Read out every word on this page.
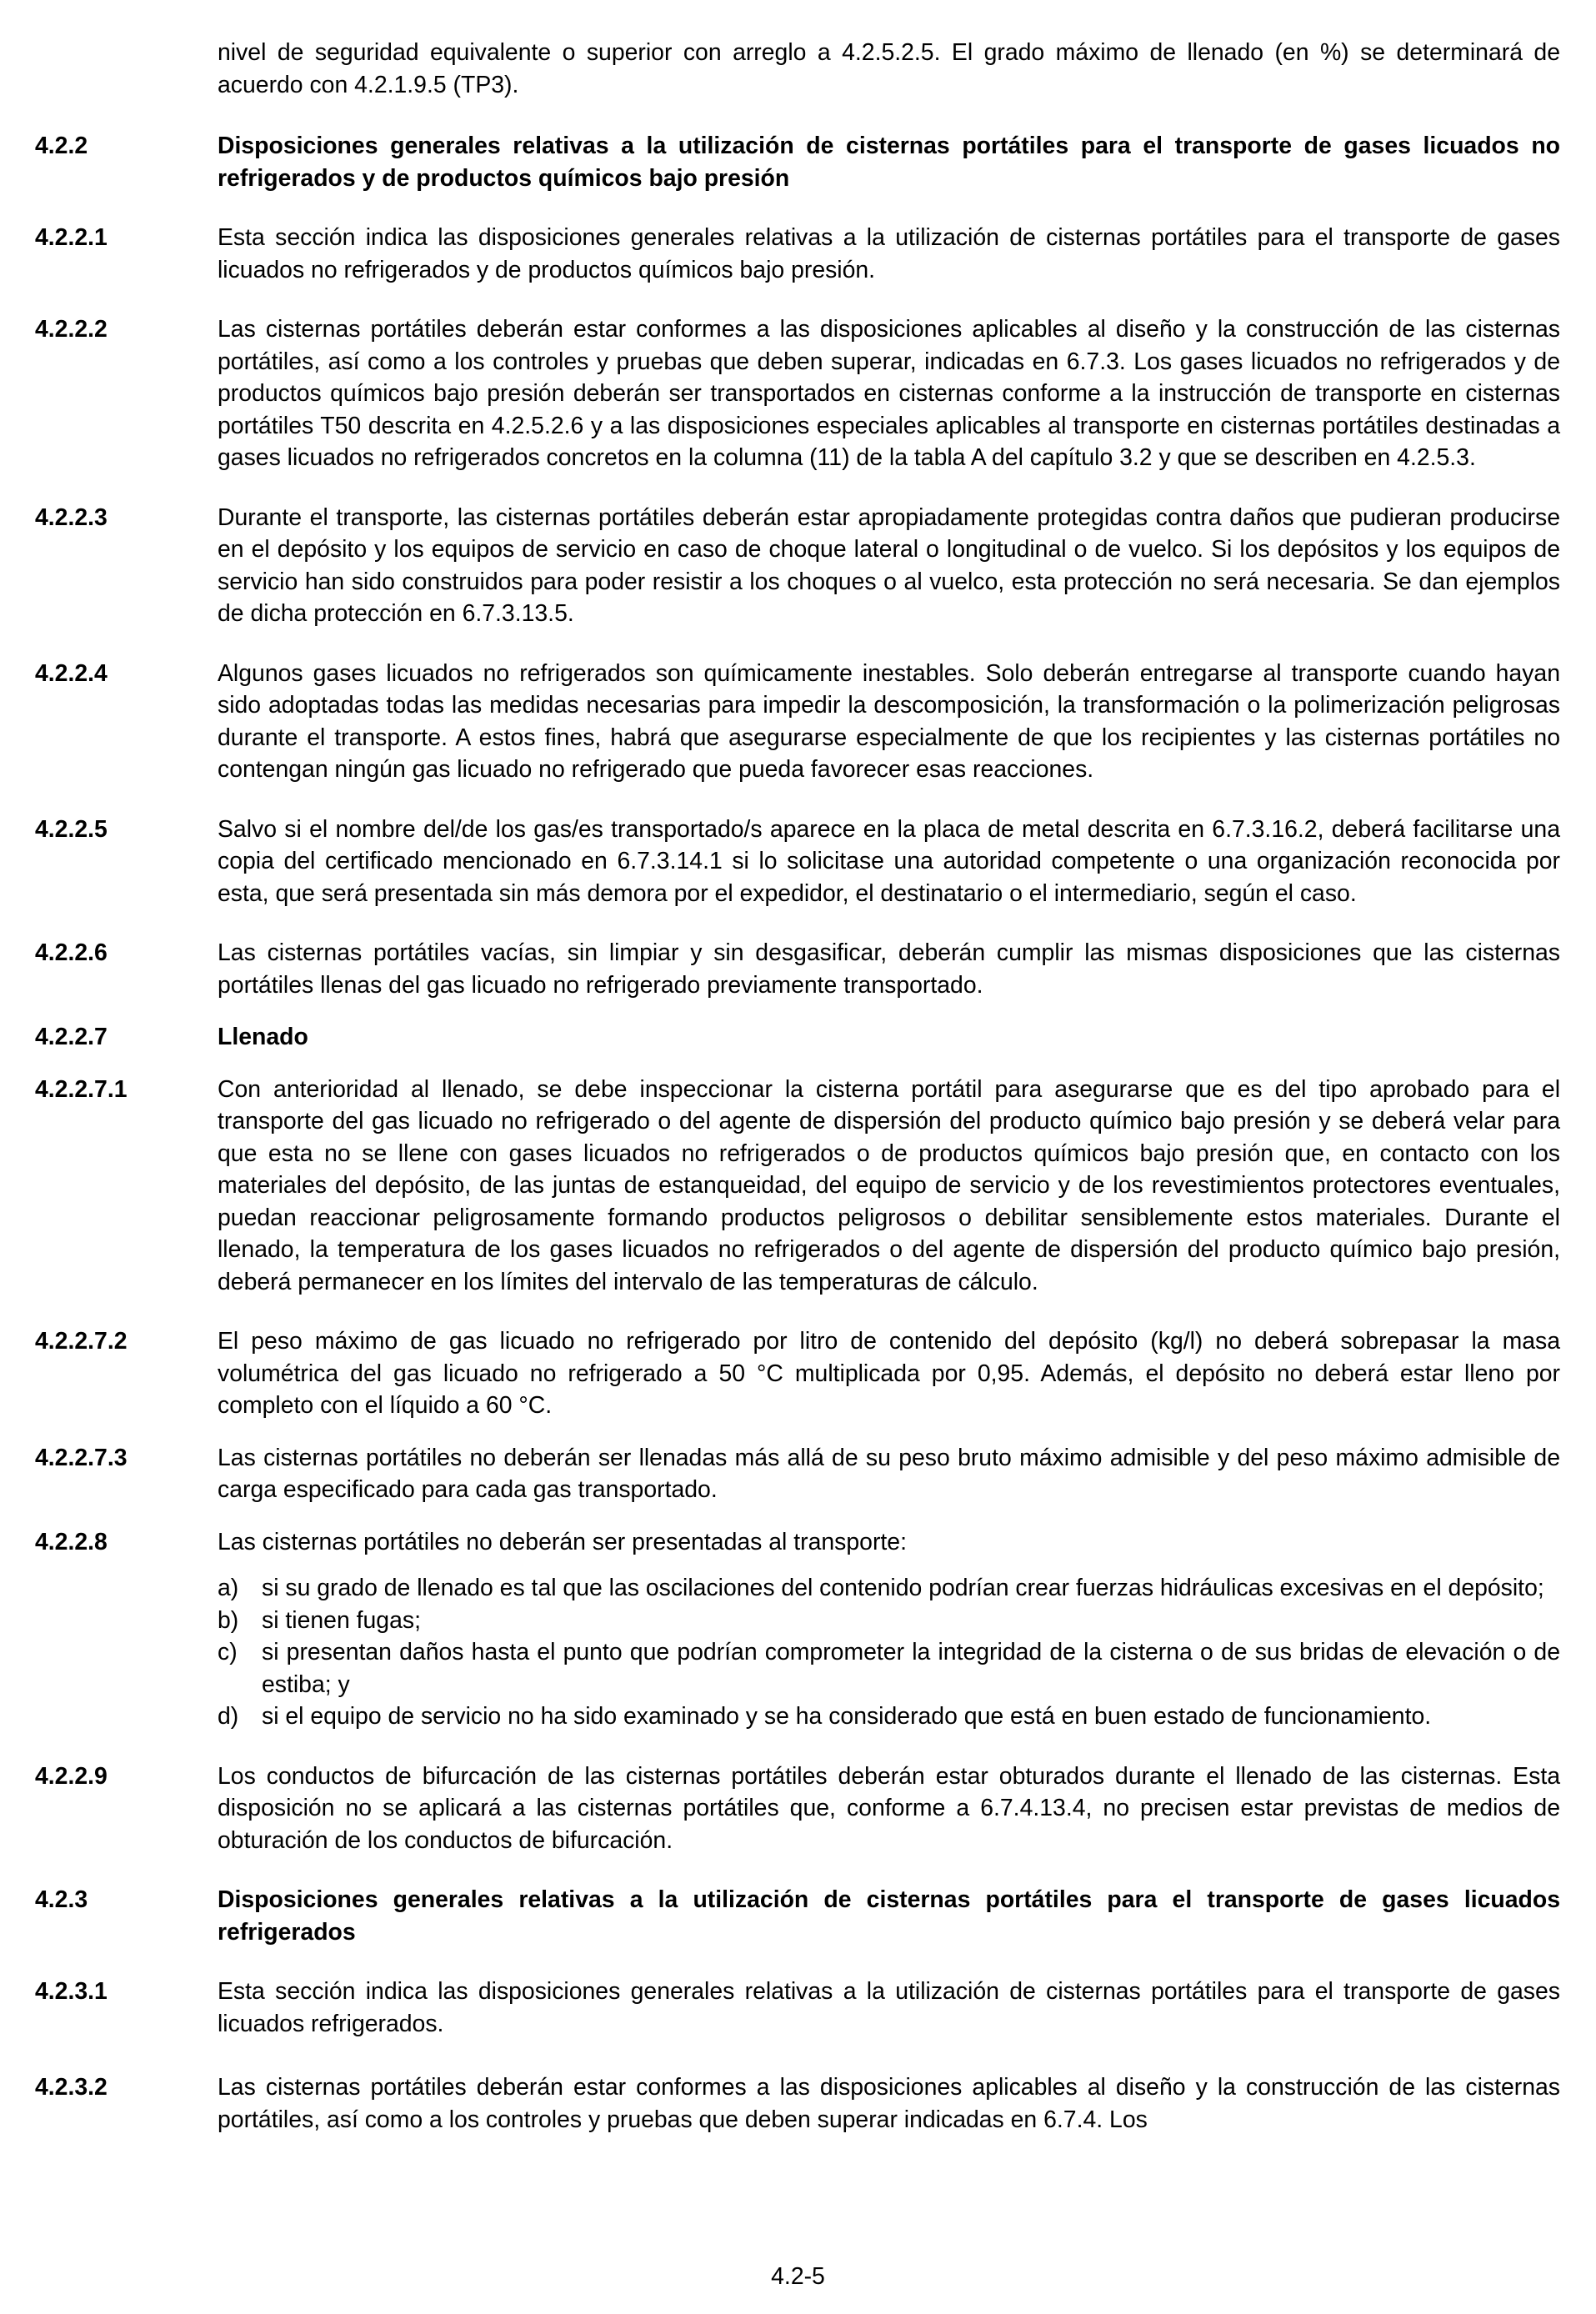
nivel de seguridad equivalente o superior con arreglo a 4.2.5.2.5. El grado máximo de llenado (en %) se determinará de acuerdo con 4.2.1.9.5 (TP3).

4.2.2	Disposiciones generales relativas a la utilización de cisternas portátiles para el transporte de gases licuados no refrigerados y de productos químicos bajo presión

4.2.2.1	Esta sección indica las disposiciones generales relativas a la utilización de cisternas portátiles para el transporte de gases licuados no refrigerados y de productos químicos bajo presión.

4.2.2.2	Las cisternas portátiles deberán estar conformes a las disposiciones aplicables al diseño y la construcción de las cisternas portátiles, así como a los controles y pruebas que deben superar, indicadas en 6.7.3. Los gases licuados no refrigerados y de productos químicos bajo presión deberán ser transportados en cisternas conforme a la instrucción de transporte en cisternas portátiles T50 descrita en 4.2.5.2.6 y a las disposiciones especiales aplicables al transporte en cisternas portátiles destinadas a gases licuados no refrigerados concretos en la columna (11) de la tabla A del capítulo 3.2 y que se describen en 4.2.5.3.

4.2.2.3	Durante el transporte, las cisternas portátiles deberán estar apropiadamente protegidas contra daños que pudieran producirse en el depósito y los equipos de servicio en caso de choque lateral o longitudinal o de vuelco. Si los depósitos y los equipos de servicio han sido construidos para poder resistir a los choques o al vuelco, esta protección no será necesaria. Se dan ejemplos de dicha protección en 6.7.3.13.5.

4.2.2.4	Algunos gases licuados no refrigerados son químicamente inestables. Solo deberán entregarse al transporte cuando hayan sido adoptadas todas las medidas necesarias para impedir la descomposición, la transformación o la polimerización peligrosas durante el transporte. A estos fines, habrá que asegurarse especialmente de que los recipientes y las cisternas portátiles no contengan ningún gas licuado no refrigerado que pueda favorecer esas reacciones.

4.2.2.5	Salvo si el nombre del/de los gas/es transportado/s aparece en la placa de metal descrita en 6.7.3.16.2, deberá facilitarse una copia del certificado mencionado en 6.7.3.14.1 si lo solicitase una autoridad competente o una organización reconocida por esta, que será presentada sin más demora por el expedidor, el destinatario o el intermediario, según el caso.

4.2.2.6	Las cisternas portátiles vacías, sin limpiar y sin desgasificar, deberán cumplir las mismas disposiciones que las cisternas portátiles llenas del gas licuado no refrigerado previamente transportado.

4.2.2.7	Llenado

4.2.2.7.1	Con anterioridad al llenado, se debe inspeccionar la cisterna portátil para asegurarse que es del tipo aprobado para el transporte del gas licuado no refrigerado o del agente de dispersión del producto químico bajo presión y se deberá velar para que esta no se llene con gases licuados no refrigerados o de productos químicos bajo presión que, en contacto con los materiales del depósito, de las juntas de estanqueidad, del equipo de servicio y de los revestimientos protectores eventuales, puedan reaccionar peligrosamente formando productos peligrosos o debilitar sensiblemente estos materiales. Durante el llenado, la temperatura de los gases licuados no refrigerados o del agente de dispersión del producto químico bajo presión, deberá permanecer en los límites del intervalo de las temperaturas de cálculo.

4.2.2.7.2	El peso máximo de gas licuado no refrigerado por litro de contenido del depósito (kg/l) no deberá sobrepasar la masa volumétrica del gas licuado no refrigerado a 50 °C multiplicada por 0,95. Además, el depósito no deberá estar lleno por completo con el líquido a 60 °C.

4.2.2.7.3	Las cisternas portátiles no deberán ser llenadas más allá de su peso bruto máximo admisible y del peso máximo admisible de carga especificado para cada gas transportado.

4.2.2.8	Las cisternas portátiles no deberán ser presentadas al transporte:

a) si su grado de llenado es tal que las oscilaciones del contenido podrían crear fuerzas hidráulicas excesivas en el depósito;
b) si tienen fugas;
c)	si presentan daños hasta el punto que podrían comprometer la integridad de la cisterna o de sus bridas de elevación o de estiba; y
d) si el equipo de servicio no ha sido examinado y se ha considerado que está en buen estado de funcionamiento.
4.2.2.9	Los conductos de bifurcación de las cisternas portátiles deberán estar obturados durante el llenado de las cisternas. Esta disposición no se aplicará a las cisternas portátiles que, conforme a 6.7.4.13.4, no precisen estar previstas de medios de obturación de los conductos de bifurcación.

4.2.3	Disposiciones generales relativas a la utilización de cisternas portátiles para el transporte de gases licuados refrigerados

4.2.3.1	Esta sección indica las disposiciones generales relativas a la utilización de cisternas portátiles para el transporte de gases licuados refrigerados.

4.2.3.2	Las cisternas portátiles deberán estar conformes a las disposiciones aplicables al diseño y la construcción de las cisternas portátiles, así como a los controles y pruebas que deben superar indicadas en 6.7.4. Los

4.2-5
